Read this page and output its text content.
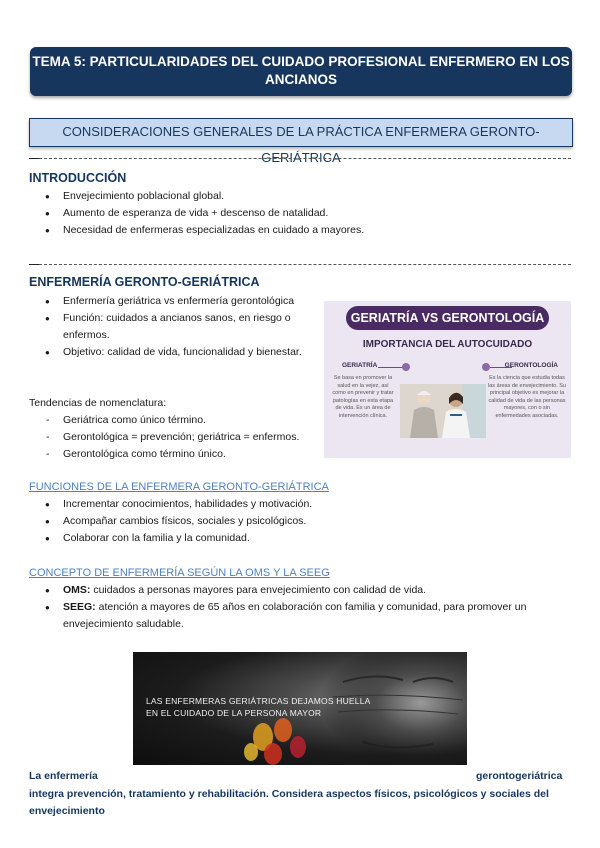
TEMA 5: PARTICULARIDADES DEL CUIDADO PROFESIONAL ENFERMERO EN LOS ANCIANOS
CONSIDERACIONES GENERALES DE LA PRÁCTICA ENFERMERA GERONTO-GERIÁTRICA
INTRODUCCIÓN
● Envejecimiento poblacional global.
● Aumento de esperanza de vida + descenso de natalidad.
● Necesidad de enfermeras especializadas en cuidado a mayores.
ENFERMERÍA GERONTO-GERIÁTRICA
● Enfermería geriátrica vs enfermería gerontológica
● Función: cuidados a ancianos sanos, en riesgo o enfermos.
● Objetivo: calidad de vida, funcionalidad y bienestar.
Tendencias de nomenclatura:
- Geriátrica como único término.
- Gerontológica = prevención; geriátrica = enfermos.
- Gerontológica como término único.
GERIATRÍA VS GERONTOLOGÍA
IMPORTANCIA DEL AUTOCUIDADO
GERIATRÍA	GERONTOLOGÍA
Se basa en promover la salud en la vejez, así como en prevenir y tratar patologías en esta etapa de vida. Es un área de intervención clínica.
Es la ciencia que estudia todas las áreas de envejecimiento. Su principal objetivo es mejorar la calidad de vida de las personas mayores, con o sin enfermedades asociadas.
FUNCIONES DE LA ENFERMERA GERONTO-GERIÁTRICA
● Incrementar conocimientos, habilidades y motivación.
● Acompañar cambios físicos, sociales y psicológicos.
● Colaborar con la familia y la comunidad.
CONCEPTO DE ENFERMERÍA SEGÚN LA OMS Y LA SEEG
● OMS: cuidados a personas mayores para envejecimiento con calidad de vida.
● SEEG: atención a mayores de 65 años en colaboración con familia y comunidad, para promover un envejecimiento saludable.
LAS ENFERMERAS GERIÁTRICAS DEJAMOS HUELLA
EN EL CUIDADO DE LA PERSONA MAYOR
La enfermería	gerontogeriátrica
integra prevención, tratamiento y rehabilitación. Considera aspectos físicos, psicológicos y sociales del
envejecimiento
